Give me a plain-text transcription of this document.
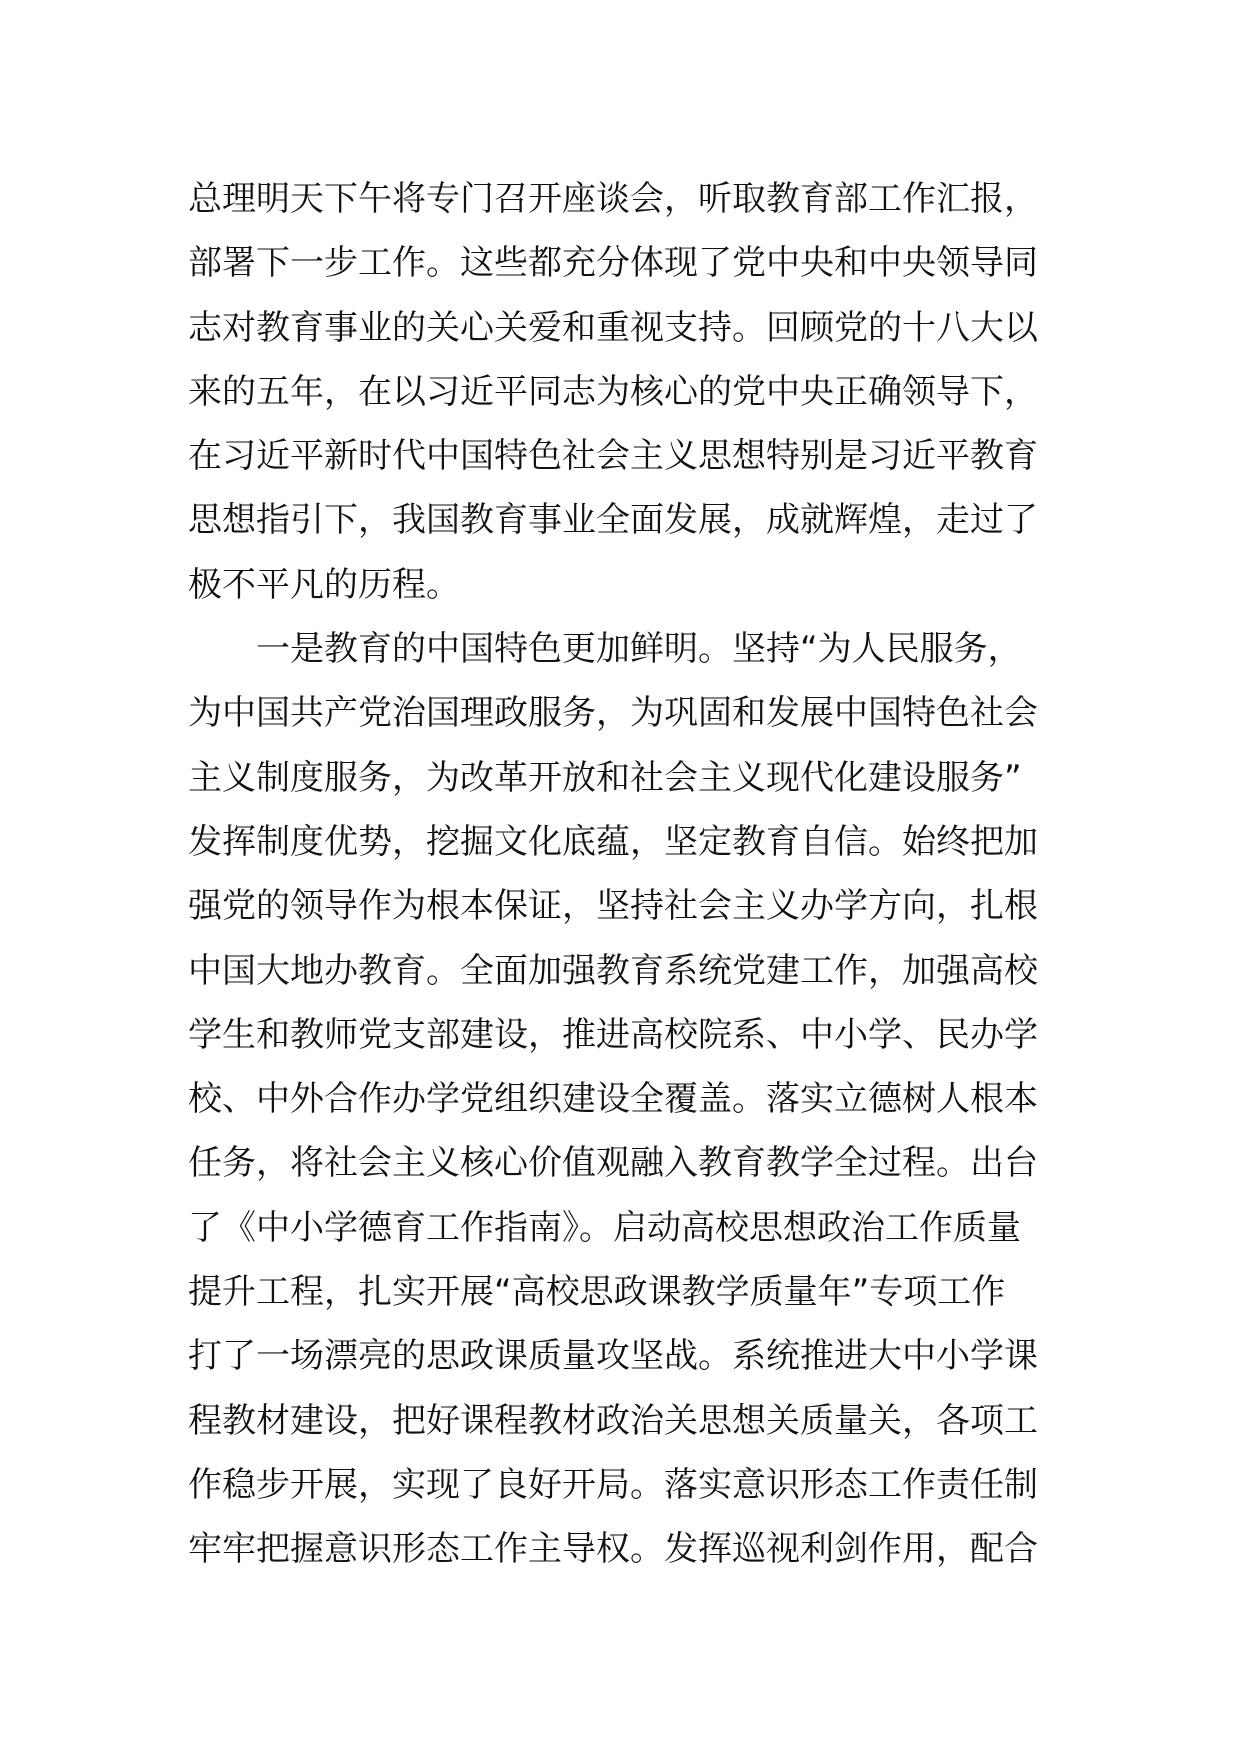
总理明天下午将专门召开座谈会，听取教育部工作汇报，
部署下一步工作。这些都充分体现了党中央和中央领导同
志对教育事业的关心关爱和重视支持。回顾党的十八大以
来的五年，在以习近平同志为核心的党中央正确领导下，
在习近平新时代中国特色社会主义思想特别是习近平教育
思想指引下，我国教育事业全面发展，成就辉煌，走过了
极不平凡的历程。
一是教育的中国特色更加鲜明。坚持“为人民服务，
为中国共产党治国理政服务，为巩固和发展中国特色社会
主义制度服务，为改革开放和社会主义现代化建设服务”
发挥制度优势，挖掘文化底蕴，坚定教育自信。始终把加
强党的领导作为根本保证，坚持社会主义办学方向，扎根
中国大地办教育。全面加强教育系统党建工作，加强高校
学生和教师党支部建设，推进高校院系、中小学、民办学
校、中外合作办学党组织建设全覆盖。落实立德树人根本
任务，将社会主义核心价值观融入教育教学全过程。出台
了《中小学德育工作指南》。启动高校思想政治工作质量
提升工程，扎实开展“高校思政课教学质量年”专项工作
打了一场漂亮的思政课质量攻坚战。系统推进大中小学课
程教材建设，把好课程教材政治关思想关质量关，各项工
作稳步开展，实现了良好开局。落实意识形态工作责任制
牢牢把握意识形态工作主导权。发挥巡视利剑作用，配合
